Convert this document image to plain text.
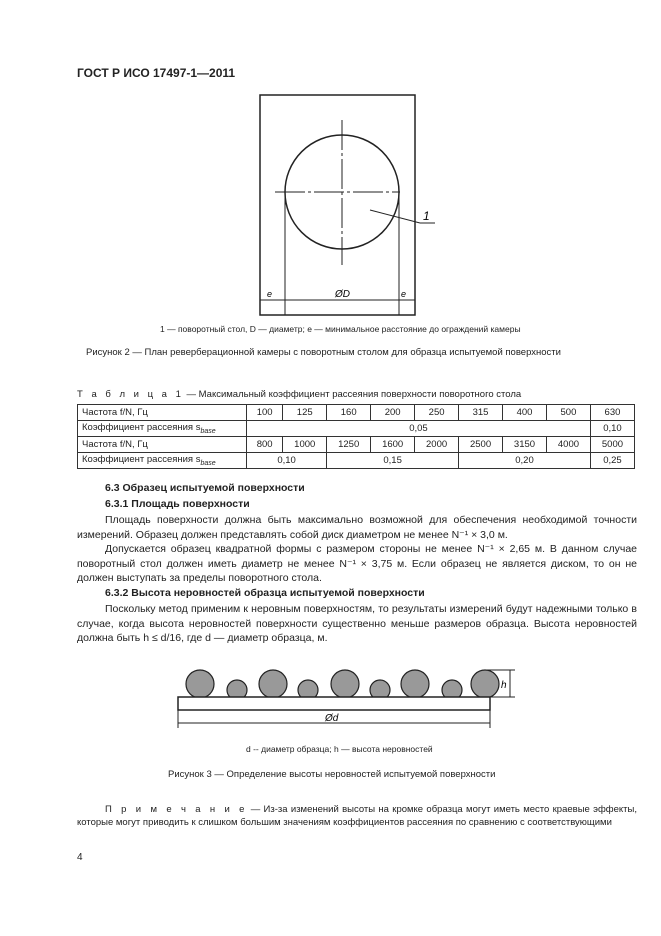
ГОСТ Р ИСО 17497-1—2011
1
e	ØD	e
1 — поворотный стол, D — диаметр; e — минимальное расстояние до ограждений камеры
Рисунок 2 — План реверберационной камеры с поворотным столом для образца испытуемой поверхности
Т а б л и ц а 1 — Максимальный коэффициент рассеяния поверхности поворотного стола
Частота f/N, Гц	100	125	160	200	250	315	400	500	630
Коэффициент рассеяния $s_{base}$	0,05								0,10
Частота f/N, Гц	800	1000	1250	1600	2000	2500	3150	4000	5000
Коэффициент рассеяния $s_{base}$	0,10		0,15			0,20			0,25
6.3 Образец испытуемой поверхности
6.3.1 Площадь поверхности
Площадь поверхности должна быть максимально возможной для обеспечения необходимой точности измерений. Образец должен представлять собой диск диаметром не менее N⁻¹ × 3,0 м.
Допускается образец квадратной формы с размером стороны не менее N⁻¹ × 2,65 м. В данном случае поворотный стол должен иметь диаметр не менее N⁻¹ × 3,75 м. Если образец не является диском, то он не должен выступать за пределы поворотного стола.
6.3.2 Высота неровностей образца испытуемой поверхности
Поскольку метод применим к неровным поверхностям, то результаты измерений будут надежными только в случае, когда высота неровностей поверхности существенно меньше размеров образца. Высота неровностей должна быть h ≤ d/16, где d — диаметр образца, м.
Ød
h
d -- диаметр образца; h — высота неровностей
Рисунок 3 — Определение высоты неровностей испытуемой поверхности
П р и м е ч а н и е — Из-за изменений высоты на кромке образца могут иметь место краевые эффекты, которые могут приводить к слишком большим значениям коэффициентов рассеяния по сравнению с соответствующими
4
